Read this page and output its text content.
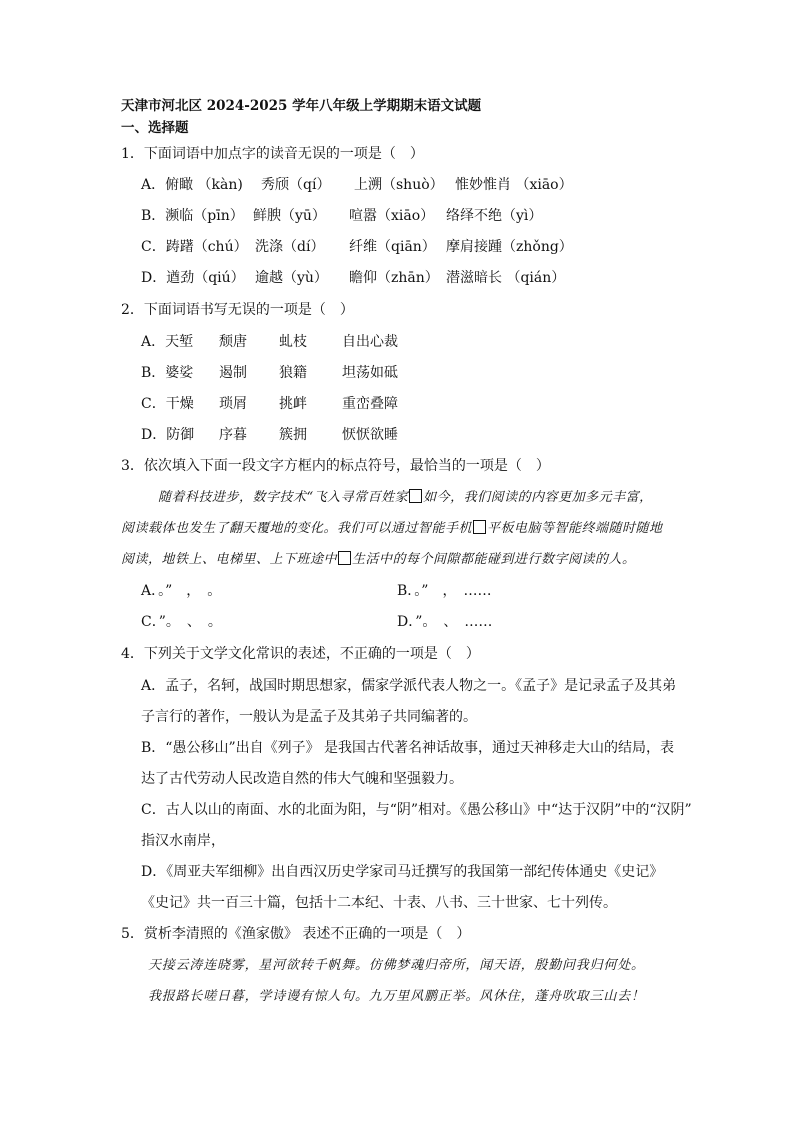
天津市河北区 2024-2025 学年八年级上学期期末语文试题
一、选择题
1．下面词语中加点字的读音无误的一项是（　）
A．俯瞰 （kàn) 秀颀（qí） 上溯（shuò） 惟妙惟肖 （xiāo）
B．濒临（pīn） 鲜腴（yū） 喧嚣（xiāo） 络绎不绝（yì）
C．踌躇（chú） 洗涤（dí） 纤维（qiān） 摩肩接踵（zhǒng）
D．遒劲（qiú） 逾越（yù） 瞻仰（zhān） 潜滋暗长 （qián）
2．下面词语书写无误的一项是（　）
A．天堑 颓唐 虬枝	自出心裁
B．婆娑 遏制 狼籍	坦荡如砥
C．干燥 琐屑 挑衅	重峦叠障
D．防御 序暮 簇拥	恹恹欲睡
3．依次填入下面一段文字方框内的标点符号，最恰当的一项是（　）
随着科技进步，数字技术“飞入寻常百姓家 如今，我们阅读的内容更加多元丰富，
阅读载体也发生了翻天覆地的变化。我们可以通过智能手机 平板电脑等智能终端随时随地
阅读，地铁上、电梯里、上下班途中 生活中的每个间隙都能碰到进行数字阅读的人。
A．。”　，　。	B．。”　，　……
C．”。　、　。	D．”。　、　……
4．下列关于文学文化常识的表述，不正确的一项是（　）
A．孟子，名轲，战国时期思想家，儒家学派代表人物之一。《孟子》是记录孟子及其弟
子言行的著作，一般认为是孟子及其弟子共同编著的。
B．“愚公移山”出自《列子》 是我国古代著名神话故事，通过天神移走大山的结局，表
达了古代劳动人民改造自然的伟大气魄和坚强毅力。
C．古人以山的南面、水的北面为阳，与“阴”相对。《愚公移山》中“达于汉阴”中的“汉阴”
指汉水南岸，
D．《周亚夫军细柳》出自西汉历史学家司马迁撰写的我国第一部纪传体通史《史记》
《史记》共一百三十篇，包括十二本纪、十表、八书、三十世家、七十列传。
5．赏析李清照的《渔家傲》 表述不正确的一项是（　）
天接云涛连晓雾，星河欲转千帆舞。仿佛梦魂归帝所，闻天语，殷勤问我归何处。
我报路长嗟日暮，学诗谩有惊人句。九万里风鹏正举。风休住，蓬舟吹取三山去！
